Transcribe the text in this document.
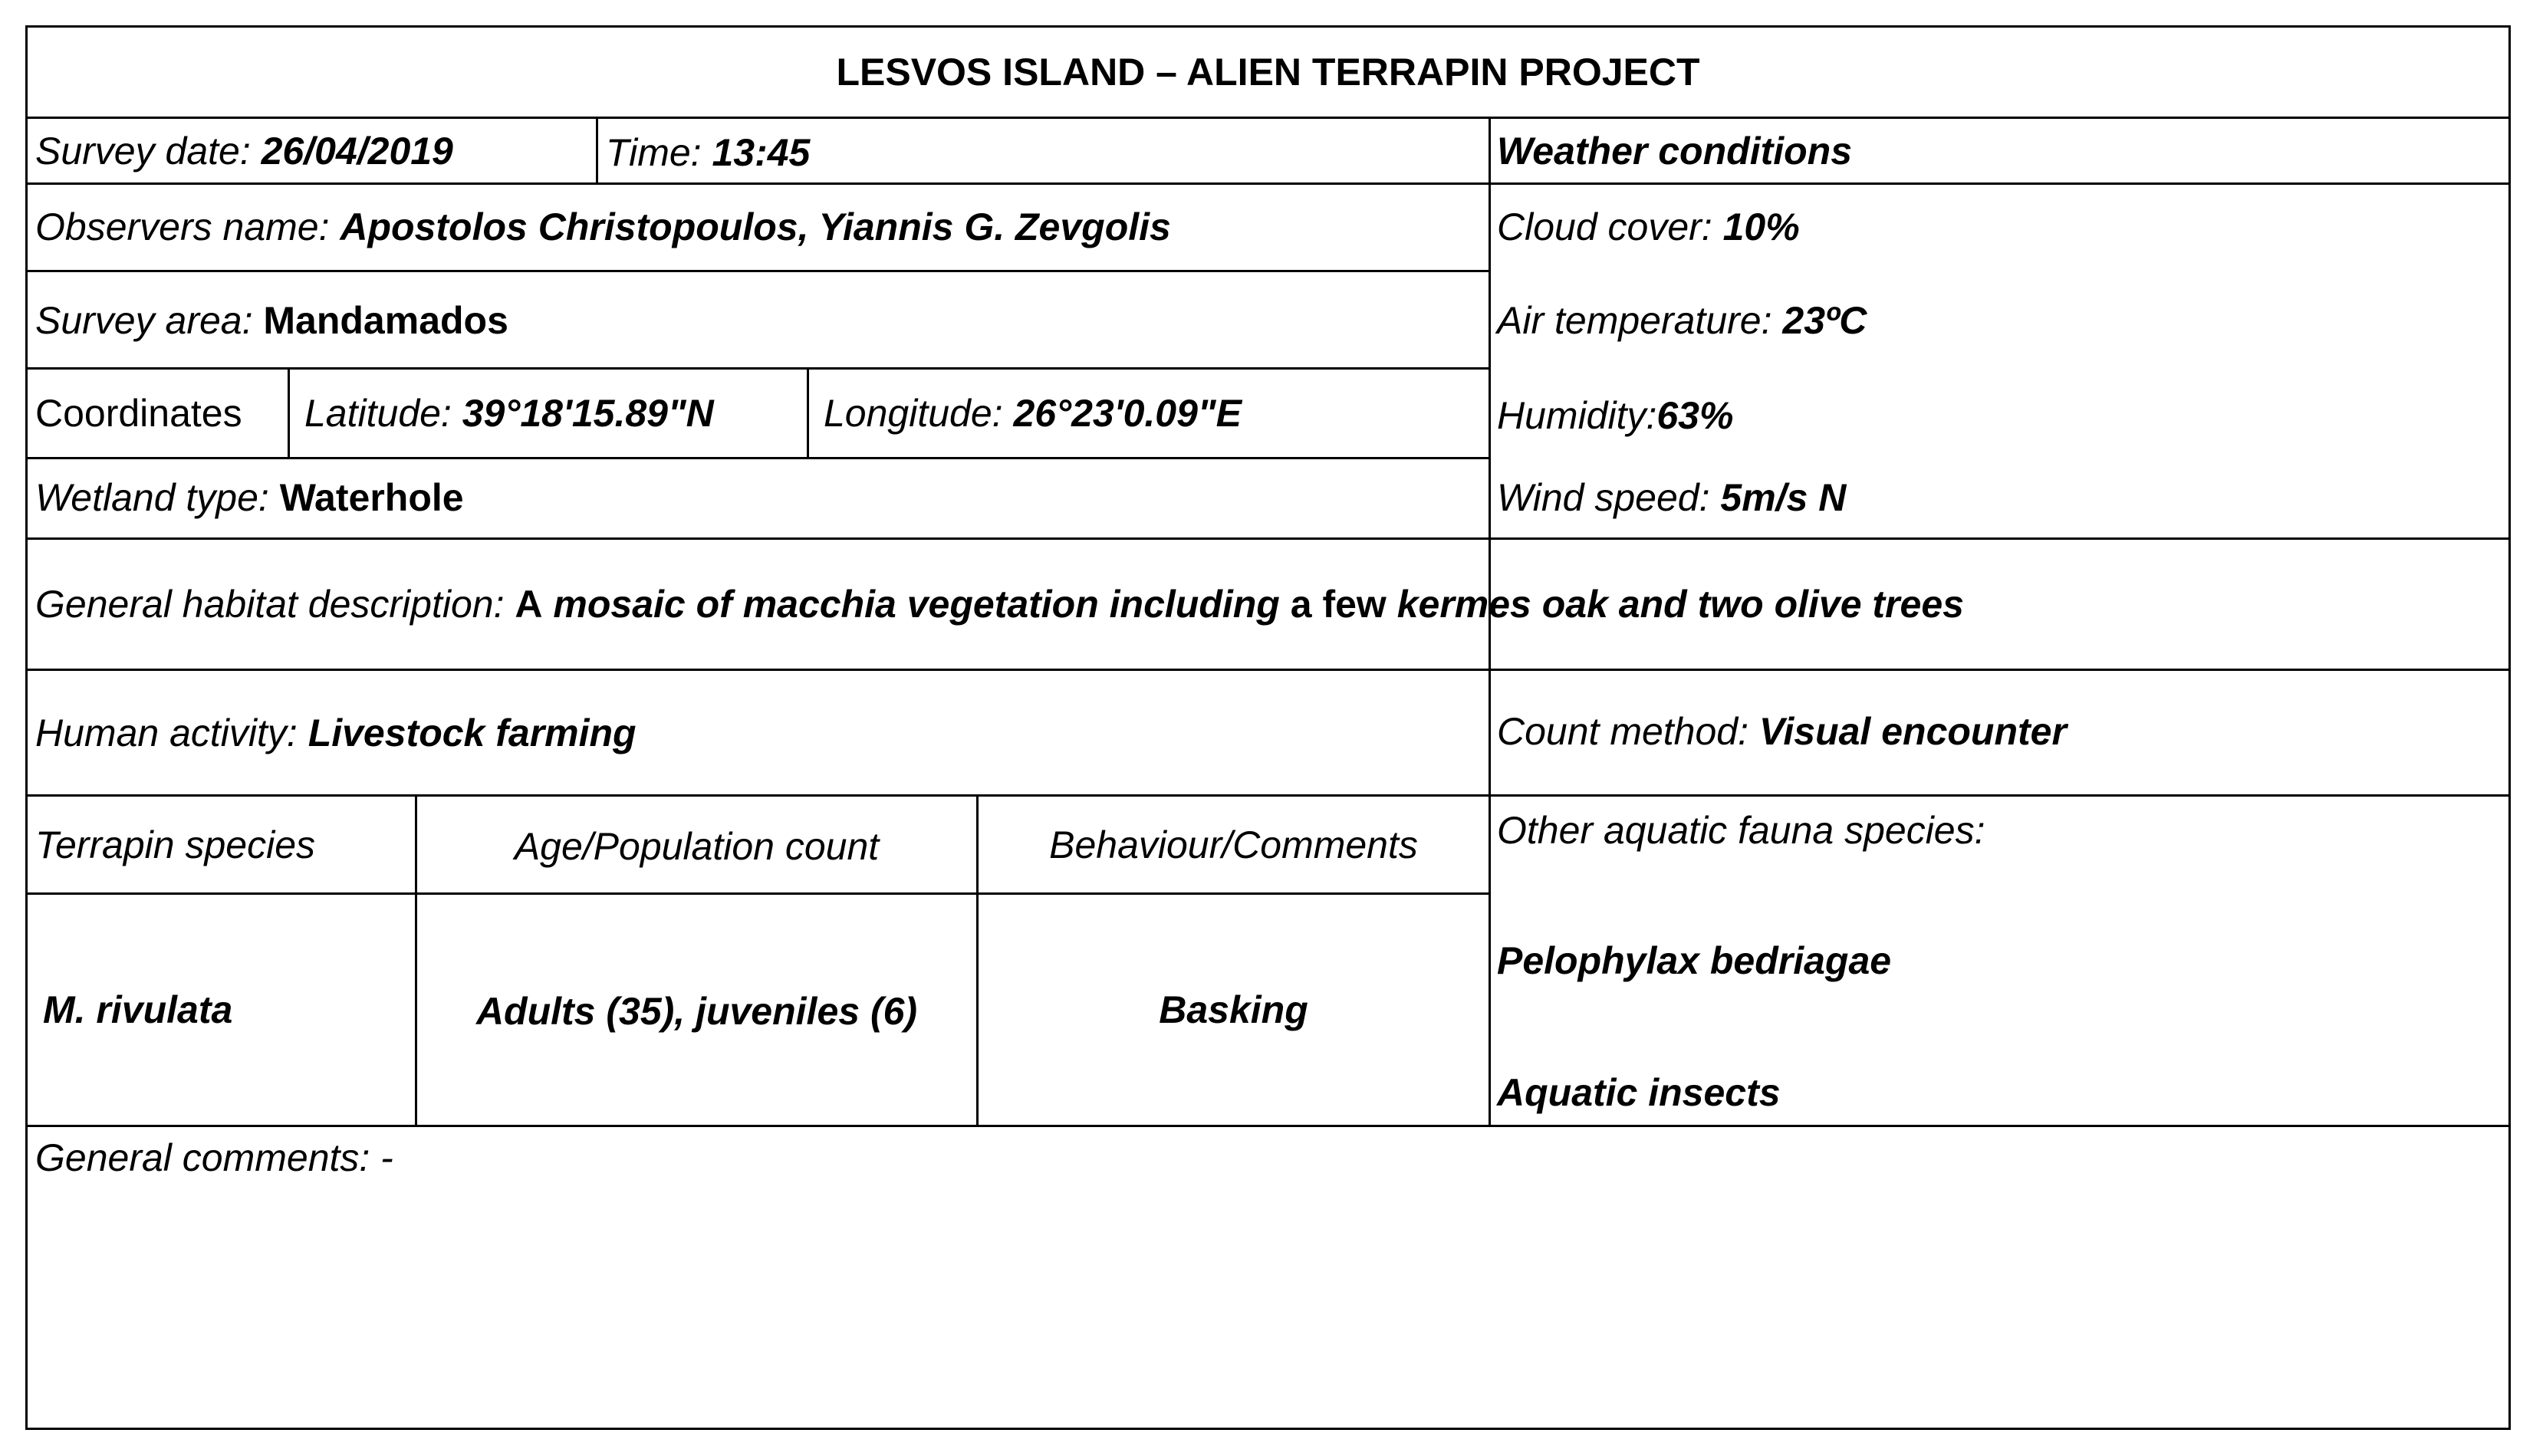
LESVOS ISLAND – ALIEN TERRAPIN PROJECT
Survey date: 26/04/2019	Time: 13:45	Weather conditions
Cloud cover: 10%
Air temperature: 23ºC
Humidity:63%
Wind speed: 5m/s N
Observers name: Apostolos Christopoulos, Yiannis G. Zevgolis
Survey area: Mandamados
Coordinates Latitude: 39°18'15.89"N	Longitude: 26°23'0.09"E
Wetland type: Waterhole
General habitat description: A mosaic of macchia vegetation including a few kermes oak and two olive trees
Human activity: Livestock farming	Count method: Visual encounter
Terrapin species	Age/Population count	Behaviour/Comments
M. rivulata	Adults (35), juveniles (6)	Basking
Other aquatic fauna species:
Pelophylax bedriagae
Aquatic insects
General comments: -
